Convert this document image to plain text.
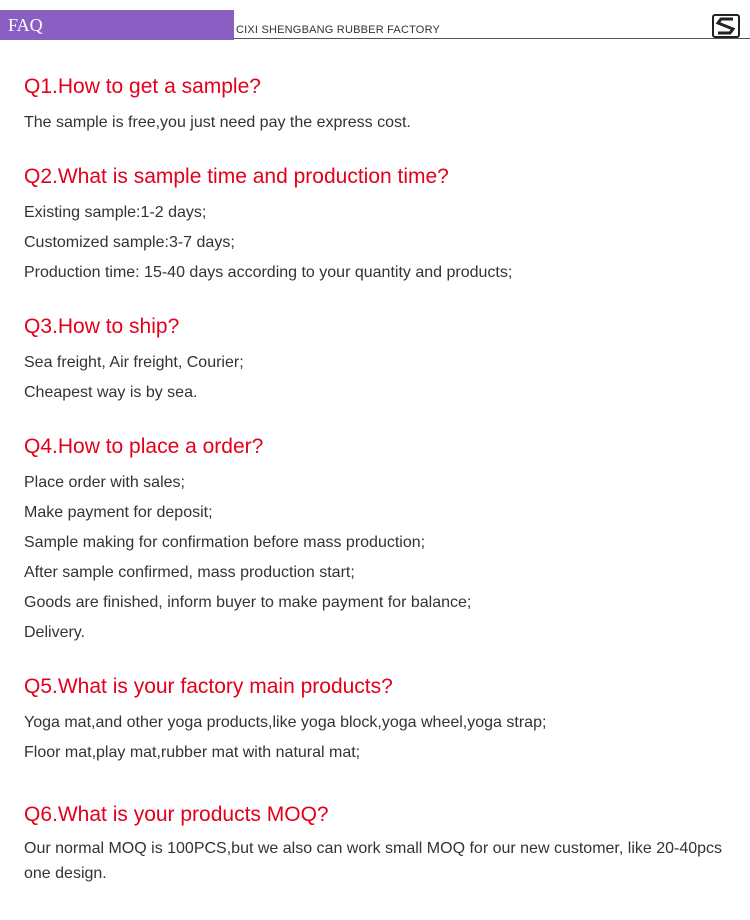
FAQ	CIXI SHENGBANG RUBBER FACTORY
Q1.How to get a sample?

The sample is free,you just need pay the express cost.

Q2.What is sample time and production time?

Existing sample:1-2 days;

Customized sample:3-7 days;

Production time: 15-40 days according to your quantity and products;

Q3.How to ship?

Sea freight, Air freight, Courier;

Cheapest way is by sea.

Q4.How to place a order?

Place order with sales;

Make payment for deposit;

Sample making for confirmation before mass production;

After sample confirmed, mass production start;

Goods are finished, inform buyer to make payment for balance;

Delivery.

Q5.What is your factory main products?

Yoga mat,and other yoga products,like yoga block,yoga wheel,yoga strap;

Floor mat,play mat,rubber mat with natural mat;

Q6.What is your products MOQ?

Our normal MOQ is 100PCS,but we also can work small MOQ for our new customer, like 20-40pcs one design.
